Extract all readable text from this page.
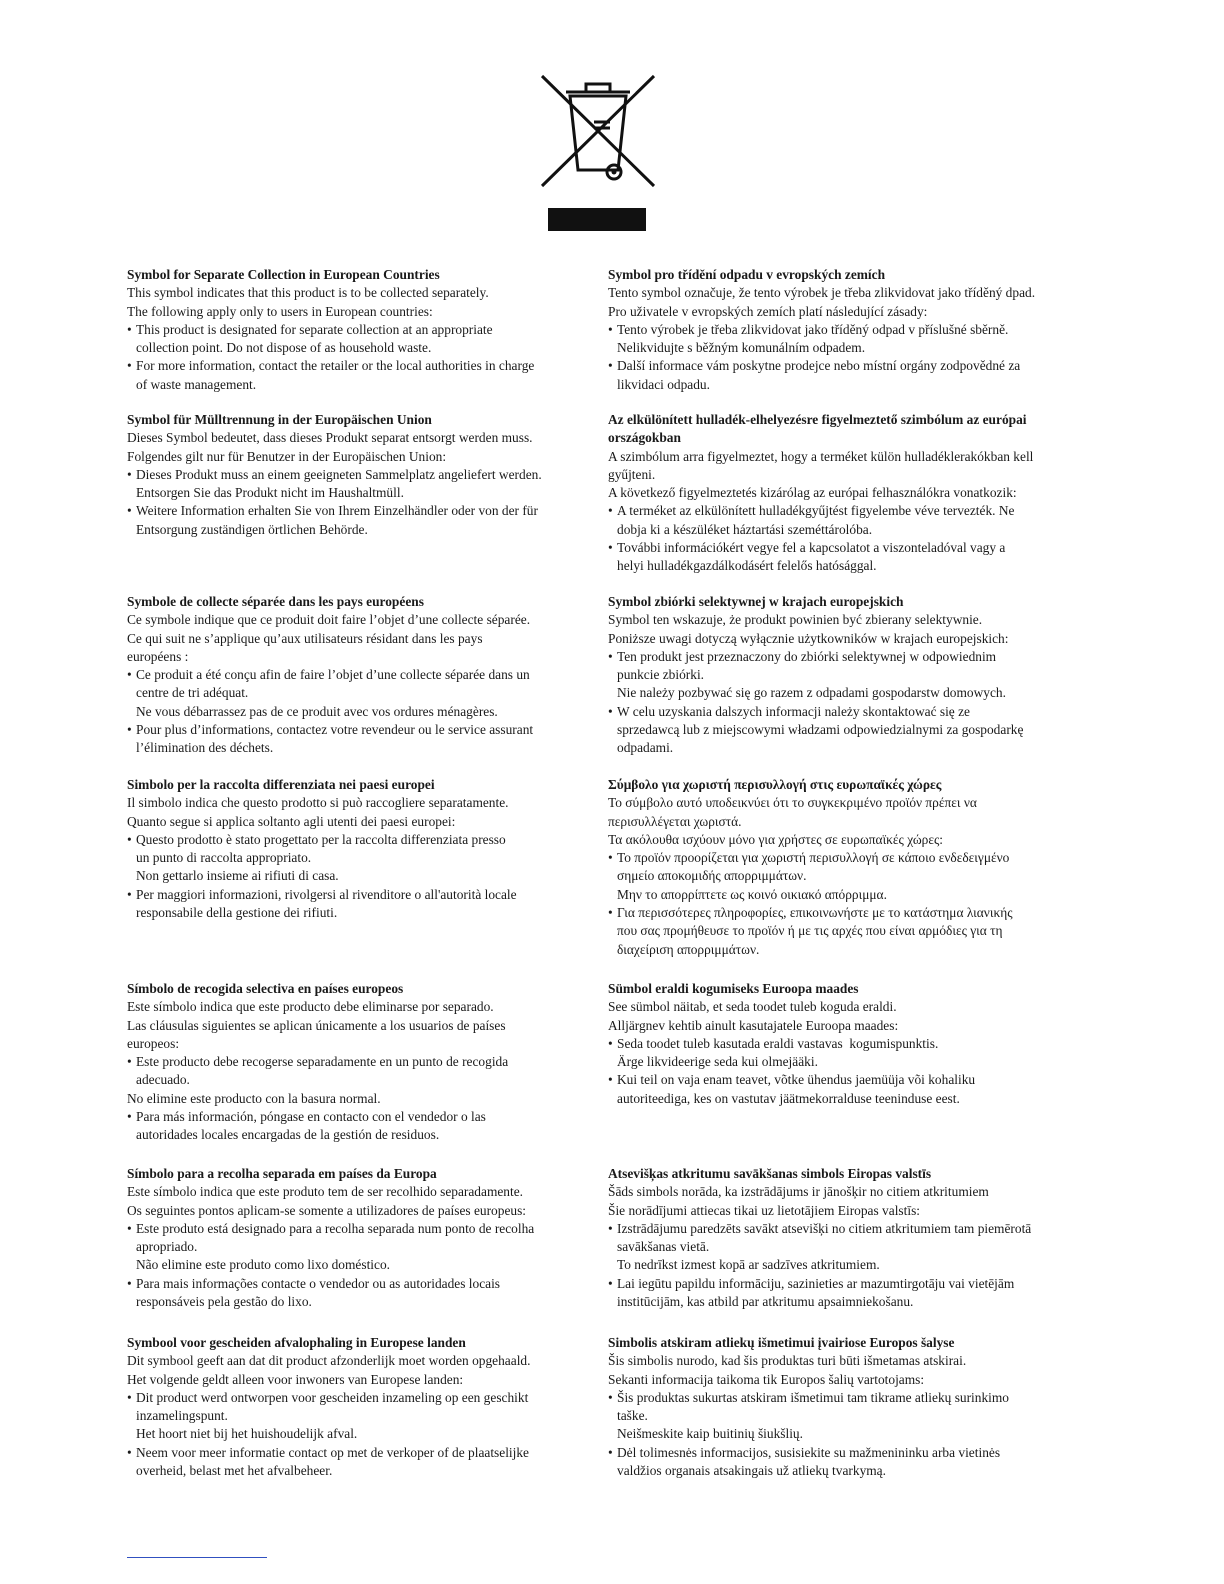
Symbol for Separate Collection in European Countries

This symbol indicates that this product is to be collected separately.

The following apply only to users in European countries:

• This product is designated for separate collection at an appropriate

collection point. Do not dispose of as household waste.

• For more information, contact the retailer or the local authorities in charge

of waste management.

Symbol für Mülltrennung in der Europäischen Union

Dieses Symbol bedeutet, dass dieses Produkt separat entsorgt werden muss.

Folgendes gilt nur für Benutzer in der Europäischen Union:

• Dieses Produkt muss an einem geeigneten Sammelplatz angeliefert werden.

Entsorgen Sie das Produkt nicht im Haushaltmüll.

• Weitere Information erhalten Sie von Ihrem Einzelhändler oder von der für

Entsorgung zuständigen örtlichen Behörde.

Symbole de collecte séparée dans les pays européens

Ce symbole indique que ce produit doit faire l’objet d’une collecte séparée.

Ce qui suit ne s’applique qu’aux utilisateurs résidant dans les pays

européens :

• Ce produit a été conçu afin de faire l’objet d’une collecte séparée dans un

centre de tri adéquat.

Ne vous débarrassez pas de ce produit avec vos ordures ménagères.

• Pour plus d’informations, contactez votre revendeur ou le service assurant

l’élimination des déchets.

Simbolo per la raccolta differenziata nei paesi europei

Il simbolo indica che questo prodotto si può raccogliere separatamente.

Quanto segue si applica soltanto agli utenti dei paesi europei:

• Questo prodotto è stato progettato per la raccolta differenziata presso

un punto di raccolta appropriato.

Non gettarlo insieme ai rifiuti di casa.

• Per maggiori informazioni, rivolgersi al rivenditore o all'autorità locale

responsabile della gestione dei rifiuti.

Símbolo de recogida selectiva en países europeos

Este símbolo indica que este producto debe eliminarse por separado.

Las cláusulas siguientes se aplican únicamente a los usuarios de países

europeos:

• Este producto debe recogerse separadamente en un punto de recogida

adecuado.

No elimine este producto con la basura normal.

• Para más información, póngase en contacto con el vendedor o las

autoridades locales encargadas de la gestión de residuos.

Símbolo para a recolha separada em países da Europa

Este símbolo indica que este produto tem de ser recolhido separadamente.

Os seguintes pontos aplicam-se somente a utilizadores de países europeus:

• Este produto está designado para a recolha separada num ponto de recolha

apropriado.

Não elimine este produto como lixo doméstico.

• Para mais informações contacte o vendedor ou as autoridades locais

responsáveis pela gestão do lixo.

Symbool voor gescheiden afvalophaling in Europese landen

Dit symbool geeft aan dat dit product afzonderlijk moet worden opgehaald.

Het volgende geldt alleen voor inwoners van Europese landen:

• Dit product werd ontworpen voor gescheiden inzameling op een geschikt

inzamelingspunt.

Het hoort niet bij het huishoudelijk afval.

• Neem voor meer informatie contact op met de verkoper of de plaatselijke

overheid, belast met het afvalbeheer.

Symbol pro třídění odpadu v evropských zemích

Tento symbol označuje, že tento výrobek je třeba zlikvidovat jako tříděný dpad.

Pro uživatele v evropských zemích platí následující zásady:

• Tento výrobek je třeba zlikvidovat jako tříděný odpad v příslušné sběrně.

Nelikvidujte s běžným komunálním odpadem.

• Další informace vám poskytne prodejce nebo místní orgány zodpovědné za

likvidaci odpadu.

Az elkülönített hulladék-elhelyezésre figyelmeztető szimbólum az európai
országokban

A szimbólum arra figyelmeztet, hogy a terméket külön hulladéklerakókban kell

gyűjteni.

A következő figyelmeztetés kizárólag az európai felhasználókra vonatkozik:

• A terméket az elkülönített hulladékgyűjtést figyelembe véve tervezték. Ne

dobja ki a készüléket háztartási szeméttárolóba.

• További információkért vegye fel a kapcsolatot a viszonteladóval vagy a

helyi hulladékgazdálkodásért felelős hatósággal.

Symbol zbiórki selektywnej w krajach europejskich

Symbol ten wskazuje, że produkt powinien być zbierany selektywnie.

Poniższe uwagi dotyczą wyłącznie użytkowników w krajach europejskich:

• Ten produkt jest przeznaczony do zbiórki selektywnej w odpowiednim

punkcie zbiórki.

Nie należy pozbywać się go razem z odpadami gospodarstw domowych.

• W celu uzyskania dalszych informacji należy skontaktować się ze

sprzedawcą lub z miejscowymi władzami odpowiedzialnymi za gospodarkę

odpadami.

Σύμβολο για χωριστή περισυλλογή στις ευρωπαϊκές χώρες

Το σύμβολο αυτό υποδεικνύει ότι το συγκεκριμένο προϊόν πρέπει να

περισυλλέγεται χωριστά.

Τα ακόλουθα ισχύουν μόνο για χρήστες σε ευρωπαϊκές χώρες:

• Το προϊόν προορίζεται για χωριστή περισυλλογή σε κάποιο ενδεδειγμένο

σημείο αποκομιδής απορριμμάτων.

Μην το απορρίπτετε ως κοινό οικιακό απόρριμμα.

• Για περισσότερες πληροφορίες, επικοινωνήστε με το κατάστημα λιανικής

που σας προμήθευσε το προϊόν ή με τις αρχές που είναι αρμόδιες για τη

διαχείριση απορριμμάτων.

Sümbol eraldi kogumiseks Euroopa maades

See sümbol näitab, et seda toodet tuleb koguda eraldi.

Alljärgnev kehtib ainult kasutajatele Euroopa maades:

• Seda toodet tuleb kasutada eraldi vastavas  kogumispunktis.

Ärge likvideerige seda kui olmejääki.

• Kui teil on vaja enam teavet, võtke ühendus jaemüüja või kohaliku

autoriteediga, kes on vastutav jäätmekorralduse teeninduse eest.

Atsevišķas atkritumu savākšanas simbols Eiropas valstīs

Šāds simbols norāda, ka izstrādājums ir jānošķir no citiem atkritumiem

Šie norādījumi attiecas tikai uz lietotājiem Eiropas valstīs:

• Izstrādājumu paredzēts savākt atsevišķi no citiem atkritumiem tam piemērotā

savākšanas vietā.

To nedrīkst izmest kopā ar sadzīves atkritumiem.

• Lai iegūtu papildu informāciju, sazinieties ar mazumtirgotāju vai vietējām

institūcijām, kas atbild par atkritumu apsaimniekošanu.

Simbolis atskiram atliekų išmetimui įvairiose Europos šalyse

Šis simbolis nurodo, kad šis produktas turi būti išmetamas atskirai.

Sekanti informacija taikoma tik Europos šalių vartotojams:

• Šis produktas sukurtas atskiram išmetimui tam tikrame atliekų surinkimo

taške.

Neišmeskite kaip buitinių šiukšlių.

• Dėl tolimesnės informacijos, susisiekite su mažmenininku arba vietinės

valdžios organais atsakingais už atliekų tvarkymą.
